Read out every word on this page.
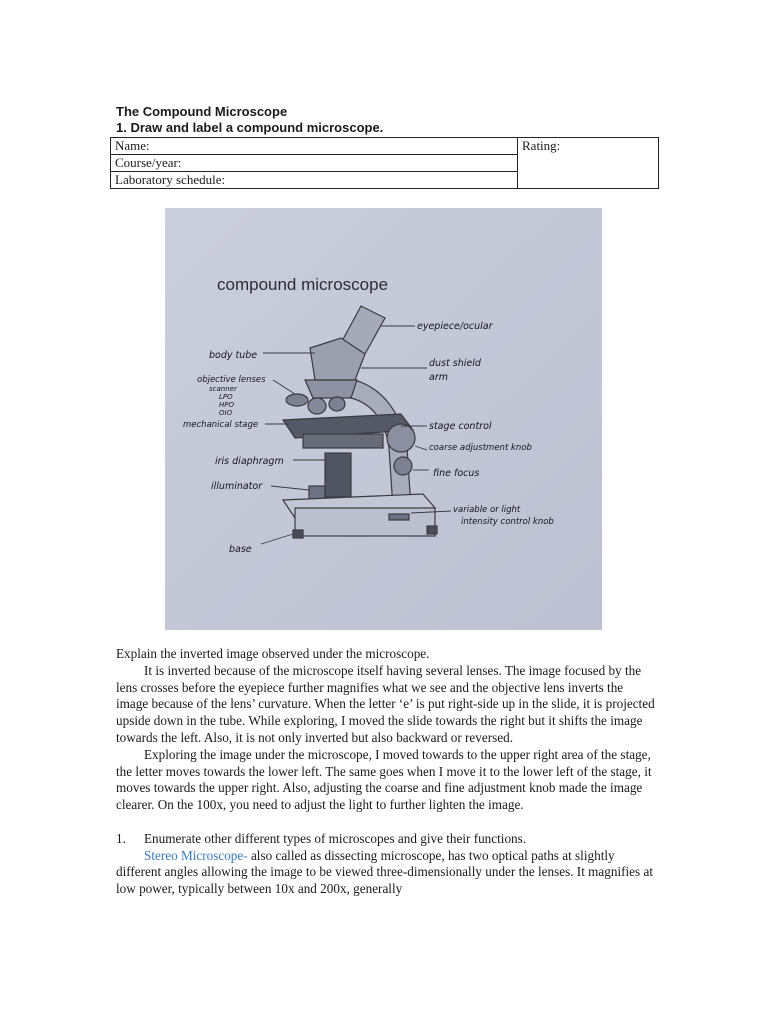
The Compound Microscope
1. Draw and label a compound microscope.
Name:	Rating:
Course/year:
Laboratory schedule:
compound microscope
eyepiece/ocular
body tube
dust shield
arm
objective lenses
scanner
LPO
HPO
OIO
mechanical stage	stage control
coarse adjustment knob
iris diaphragm
fine focus
illuminator
variable or light
intensity control knob
base

Explain the inverted image observed under the microscope.

It is inverted because of the microscope itself having several lenses. The image focused by the lens crosses before the eyepiece further magnifies what we see and the objective lens inverts the image because of the lens’ curvature. When the letter ‘e’ is put right-side up in the slide, it is projected upside down in the tube. While exploring, I moved the slide towards the right but it shifts the image towards the left. Also, it is not only inverted but also backward or reversed.

Exploring the image under the microscope, I moved towards to the upper right area of the stage, the letter moves towards the lower left. The same goes when I move it to the lower left of the stage, it moves towards the upper right. Also, adjusting the coarse and fine adjustment knob made the image clearer. On the 100x, you need to adjust the light to further lighten the image.

1.	Enumerate other different types of microscopes and give their functions.

Stereo Microscope- also called as dissecting microscope, has two optical paths at slightly different angles allowing the image to be viewed three-dimensionally under the lenses. It magnifies at low power, typically between 10x and 200x, generally
